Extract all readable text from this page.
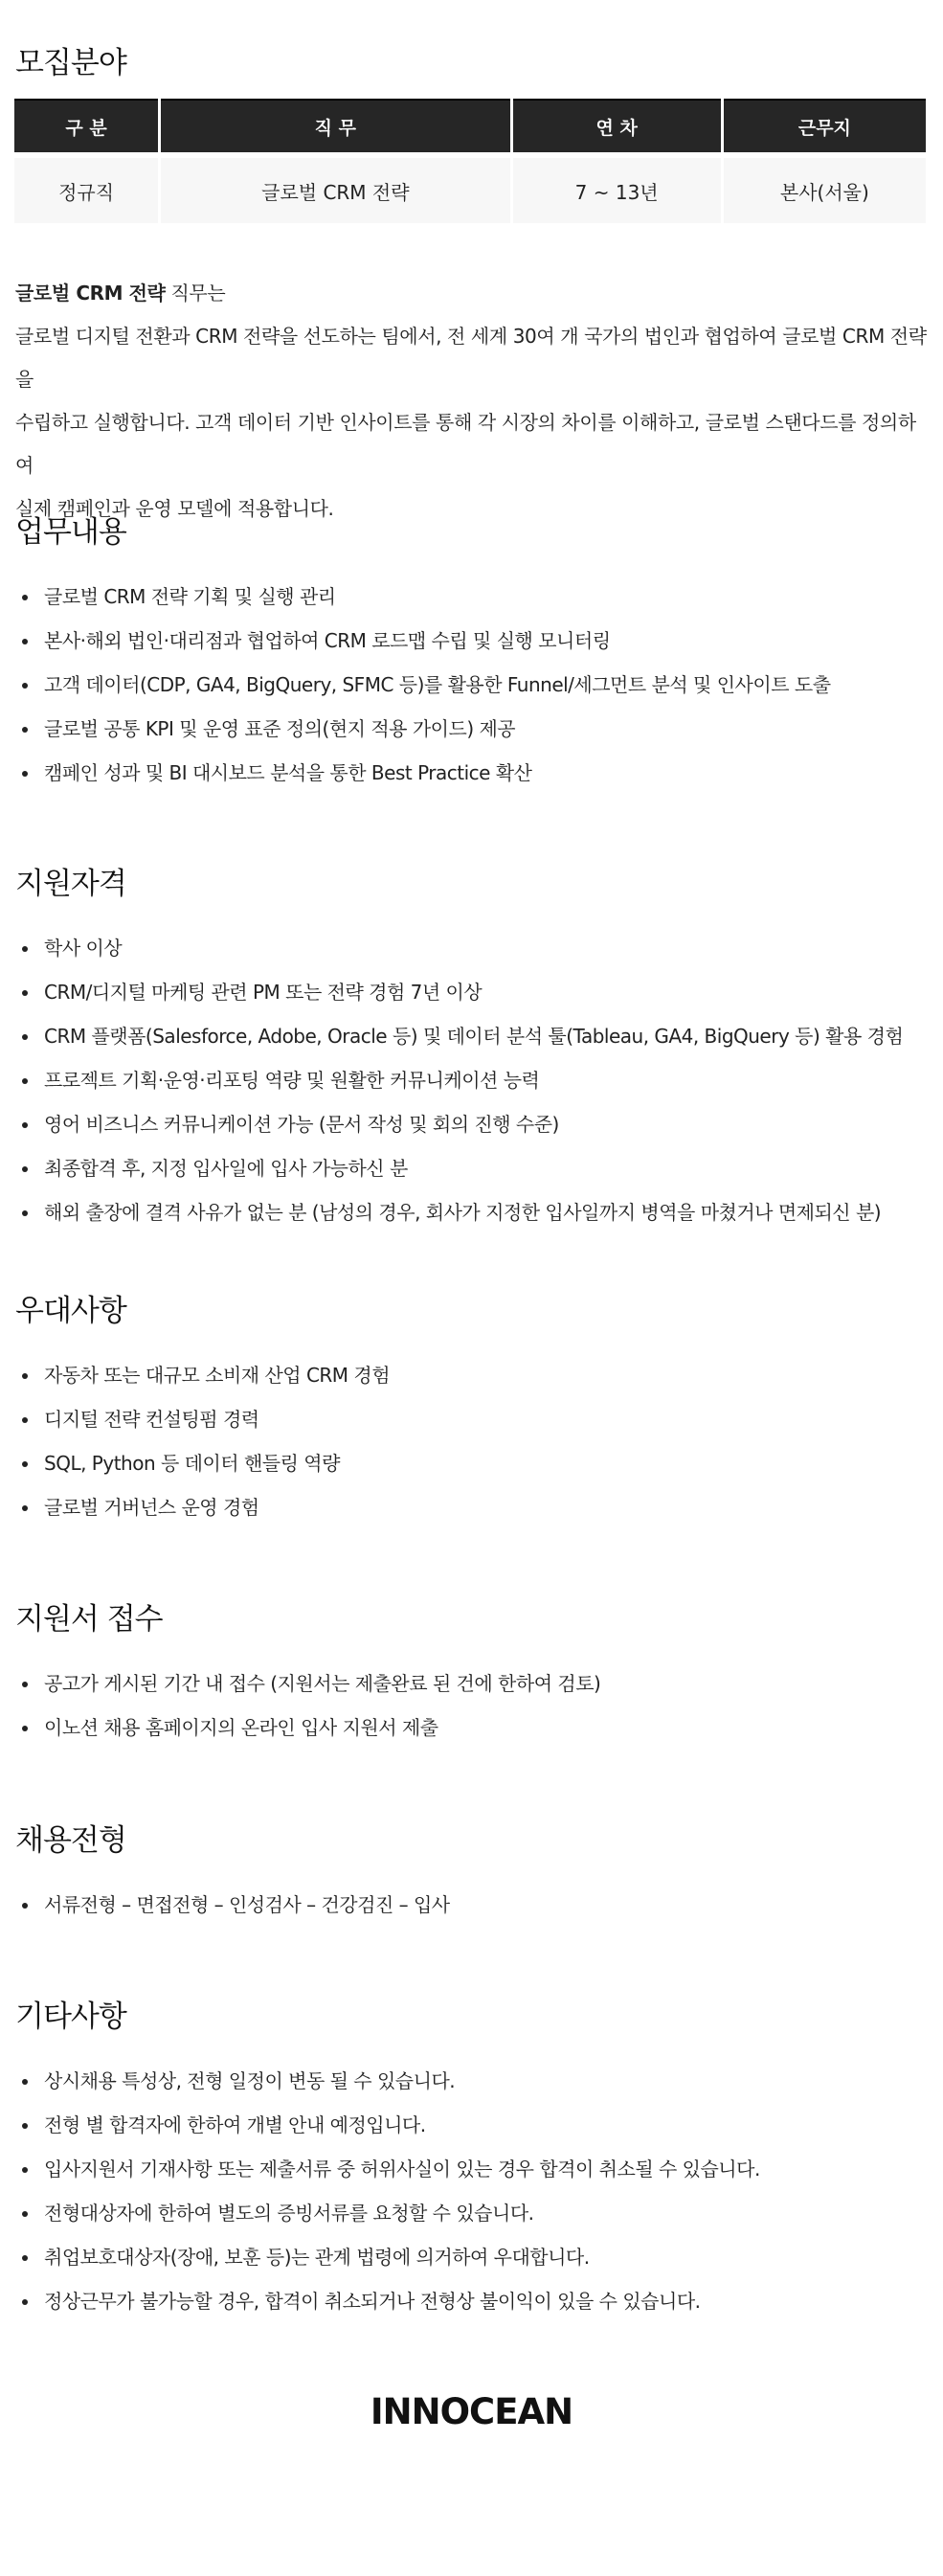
모집분야
구 분	직 무	연 차	근무지
정규직	글로벌 CRM 전략	7 ~ 13년	본사(서울)
글로벌 CRM 전략 직무는
글로벌 디지털 전환과 CRM 전략을 선도하는 팀에서, 전 세계 30여 개 국가의 법인과 협업하여 글로벌 CRM 전략을
수립하고 실행합니다. 고객 데이터 기반 인사이트를 통해 각 시장의 차이를 이해하고, 글로벌 스탠다드를 정의하여
실제 캠페인과 운영 모델에 적용합니다.
업무내용
글로벌 CRM 전략 기획 및 실행 관리
본사·해외 법인·대리점과 협업하여 CRM 로드맵 수립 및 실행 모니터링
고객 데이터(CDP, GA4, BigQuery, SFMC 등)를 활용한 Funnel/세그먼트 분석 및 인사이트 도출
글로벌 공통 KPI 및 운영 표준 정의(현지 적용 가이드) 제공
캠페인 성과 및 BI 대시보드 분석을 통한 Best Practice 확산
지원자격
학사 이상
CRM/디지털 마케팅 관련 PM 또는 전략 경험 7년 이상
CRM 플랫폼(Salesforce, Adobe, Oracle 등) 및 데이터 분석 툴(Tableau, GA4, BigQuery 등) 활용 경험
프로젝트 기획·운영·리포팅 역량 및 원활한 커뮤니케이션 능력
영어 비즈니스 커뮤니케이션 가능 (문서 작성 및 회의 진행 수준)
최종합격 후, 지정 입사일에 입사 가능하신 분
해외 출장에 결격 사유가 없는 분 (남성의 경우, 회사가 지정한 입사일까지 병역을 마쳤거나 면제되신 분)
우대사항
자동차 또는 대규모 소비재 산업 CRM 경험
디지털 전략 컨설팅펌 경력
SQL, Python 등 데이터 핸들링 역량
글로벌 거버넌스 운영 경험
지원서 접수
공고가 게시된 기간 내 접수 (지원서는 제출완료 된 건에 한하여 검토)
이노션 채용 홈페이지의 온라인 입사 지원서 제출
채용전형
서류전형 – 면접전형 – 인성검사 – 건강검진 – 입사
기타사항
상시채용 특성상, 전형 일정이 변동 될 수 있습니다.
전형 별 합격자에 한하여 개별 안내 예정입니다.
입사지원서 기재사항 또는 제출서류 중 허위사실이 있는 경우 합격이 취소될 수 있습니다.
전형대상자에 한하여 별도의 증빙서류를 요청할 수 있습니다.
취업보호대상자(장애, 보훈 등)는 관계 법령에 의거하여 우대합니다.
정상근무가 불가능할 경우, 합격이 취소되거나 전형상 불이익이 있을 수 있습니다.
INNOCEAN
